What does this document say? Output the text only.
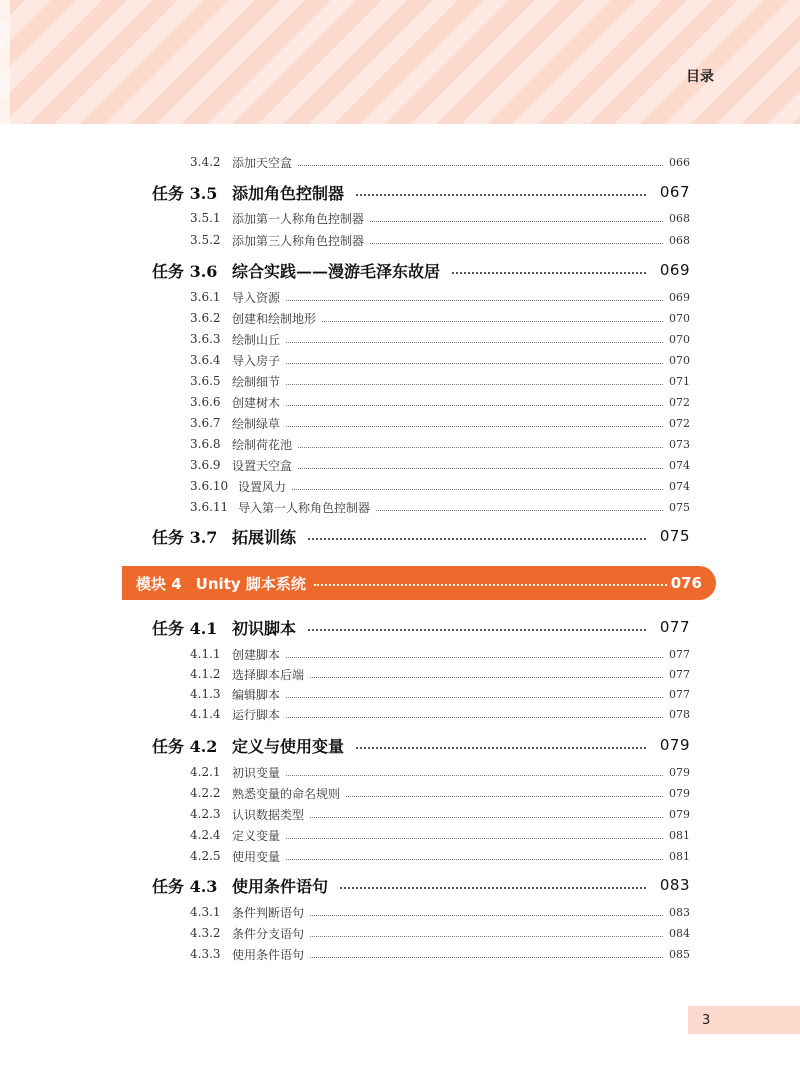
目录
3.4.2 添加天空盒	066
任务 3.5 添加角色控制器	067
3.5.1 添加第一人称角色控制器	068
3.5.2 添加第三人称角色控制器	068
任务 3.6 综合实践——漫游毛泽东故居	069
3.6.1 导入资源	069
3.6.2 创建和绘制地形	070
3.6.3 绘制山丘	070
3.6.4 导入房子	070
3.6.5 绘制细节	071
3.6.6 创建树木	072
3.6.7 绘制绿草	072
3.6.8 绘制荷花池	073
3.6.9 设置天空盒	074
3.6.10 设置风力	074
3.6.11 导入第一人称角色控制器	075
任务 3.7 拓展训练	075
模块 4 Unity 脚本系统	076
任务 4.1 初识脚本	077
4.1.1 创建脚本	077
4.1.2 选择脚本后端	077
4.1.3 编辑脚本	077
4.1.4 运行脚本	078
任务 4.2 定义与使用变量	079
4.2.1 初识变量	079
4.2.2 熟悉变量的命名规则	079
4.2.3 认识数据类型	079
4.2.4 定义变量	081
4.2.5 使用变量	081
任务 4.3 使用条件语句	083
4.3.1 条件判断语句	083
4.3.2 条件分支语句	084
4.3.3 使用条件语句	085
3
